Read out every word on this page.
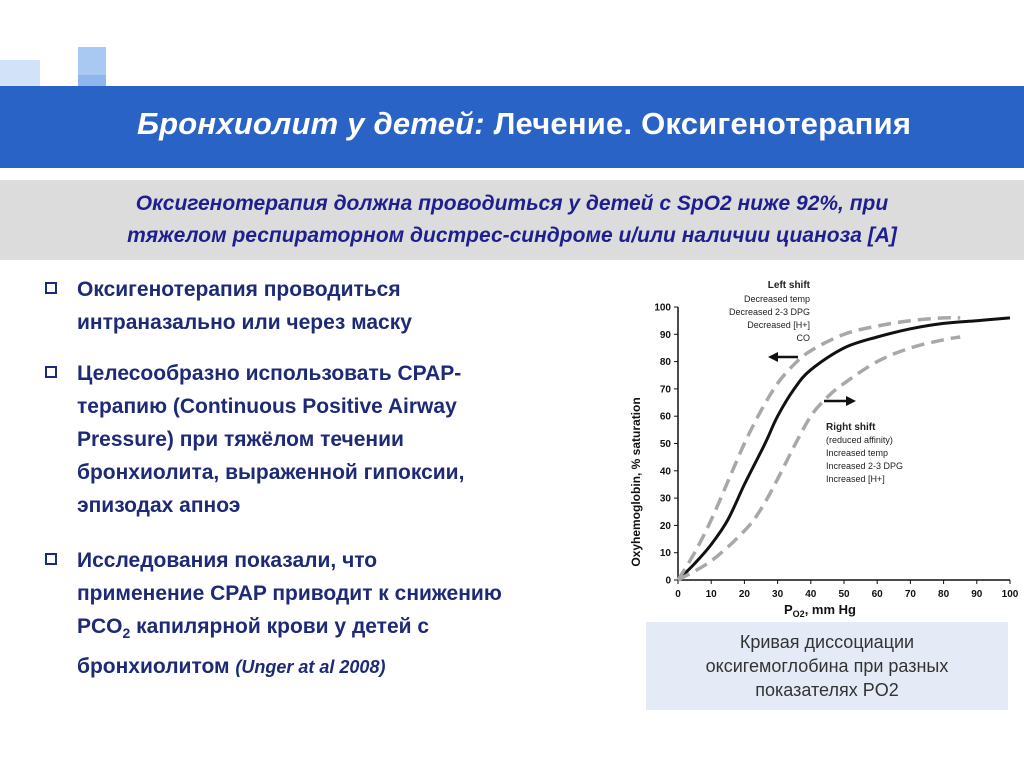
Бронхиолит у детей: Лечение. Оксигенотерапия
Оксигенотерапия должна проводиться у детей с SpO2 ниже 92%, при
тяжелом респираторном дистрес-синдроме и/или наличии цианоза [А]
Оксигенотерапия проводиться
интраназально или через маску
Целесообразно использовать CPAP-
терапию (Continuous Positive Airway
Pressure) при тяжёлом течении
бронхиолита, выраженной гипоксии,
эпизодах апноэ
Исследования показали, что
применение CPAP приводит к снижению
$PCO_2$ капилярной крови у детей с
бронхиолитом (Unger at al 2008)
0
10
20
30
40
50
60
70
80
90
100
0 10 20 30 40 50 60 70 80 90 100
Oxyhemoglobin, % saturation
$P_{O2}$, mm Hg
Left shift
Decreased temp
Decreased 2-3 DPG
Decreased [H+]
CO
Right shift
(reduced affinity)
Increased temp
Increased 2-3 DPG
Increased [H+]
Кривая диссоциации
оксигемоглобина при разных
показателях PO2
